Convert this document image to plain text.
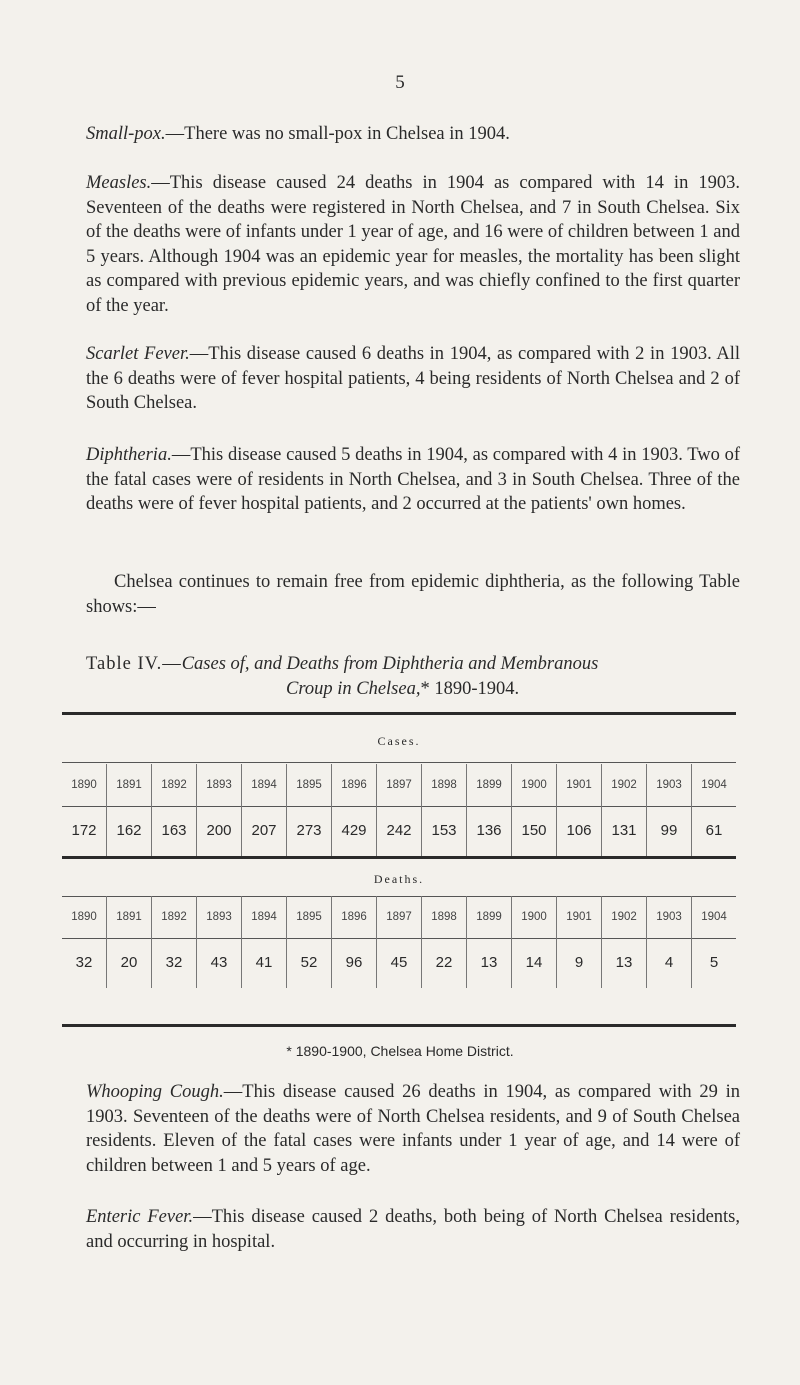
5

Small-pox.—There was no small-pox in Chelsea in 1904.

Measles.—This disease caused 24 deaths in 1904 as compared with 14 in 1903. Seventeen of the deaths were registered in North Chelsea, and 7 in South Chelsea. Six of the deaths were of infants under 1 year of age, and 16 were of children between 1 and 5 years. Although 1904 was an epidemic year for measles, the mortality has been slight as compared with previous epidemic years, and was chiefly confined to the first quarter of the year.

Scarlet Fever.—This disease caused 6 deaths in 1904, as compared with 2 in 1903. All the 6 deaths were of fever hospital patients, 4 being residents of North Chelsea and 2 of South Chelsea.

Diphtheria.—This disease caused 5 deaths in 1904, as compared with 4 in 1903. Two of the fatal cases were of residents in North Chelsea, and 3 in South Chelsea. Three of the deaths were of fever hospital patients, and 2 occurred at the patients' own homes.

Chelsea continues to remain free from epidemic diphtheria, as the following Table shows:—

Table IV.—Cases of, and Deaths from Diphtheria and Membranous
Croup in Chelsea,* 1890-1904.
Cases.
1890	1891	1892	1893	1894	1895	1896	1897	1898	1899	1900	1901	1902	1903	1904
172	162	163	200	207	273	429	242	153	136	150	106	131	99	61
Deaths.
1890	1891	1892	1893	1894	1895	1896	1897	1898	1899	1900	1901	1902	1903	1904
32	20	32	43	41	52	96	45	22	13	14	9	13	4	5
* 1890-1900, Chelsea Home District.

Whooping Cough.—This disease caused 26 deaths in 1904, as compared with 29 in 1903. Seventeen of the deaths were of North Chelsea residents, and 9 of South Chelsea residents. Eleven of the fatal cases were infants under 1 year of age, and 14 were of children between 1 and 5 years of age.

Enteric Fever.—This disease caused 2 deaths, both being of North Chelsea residents, and occurring in hospital.
